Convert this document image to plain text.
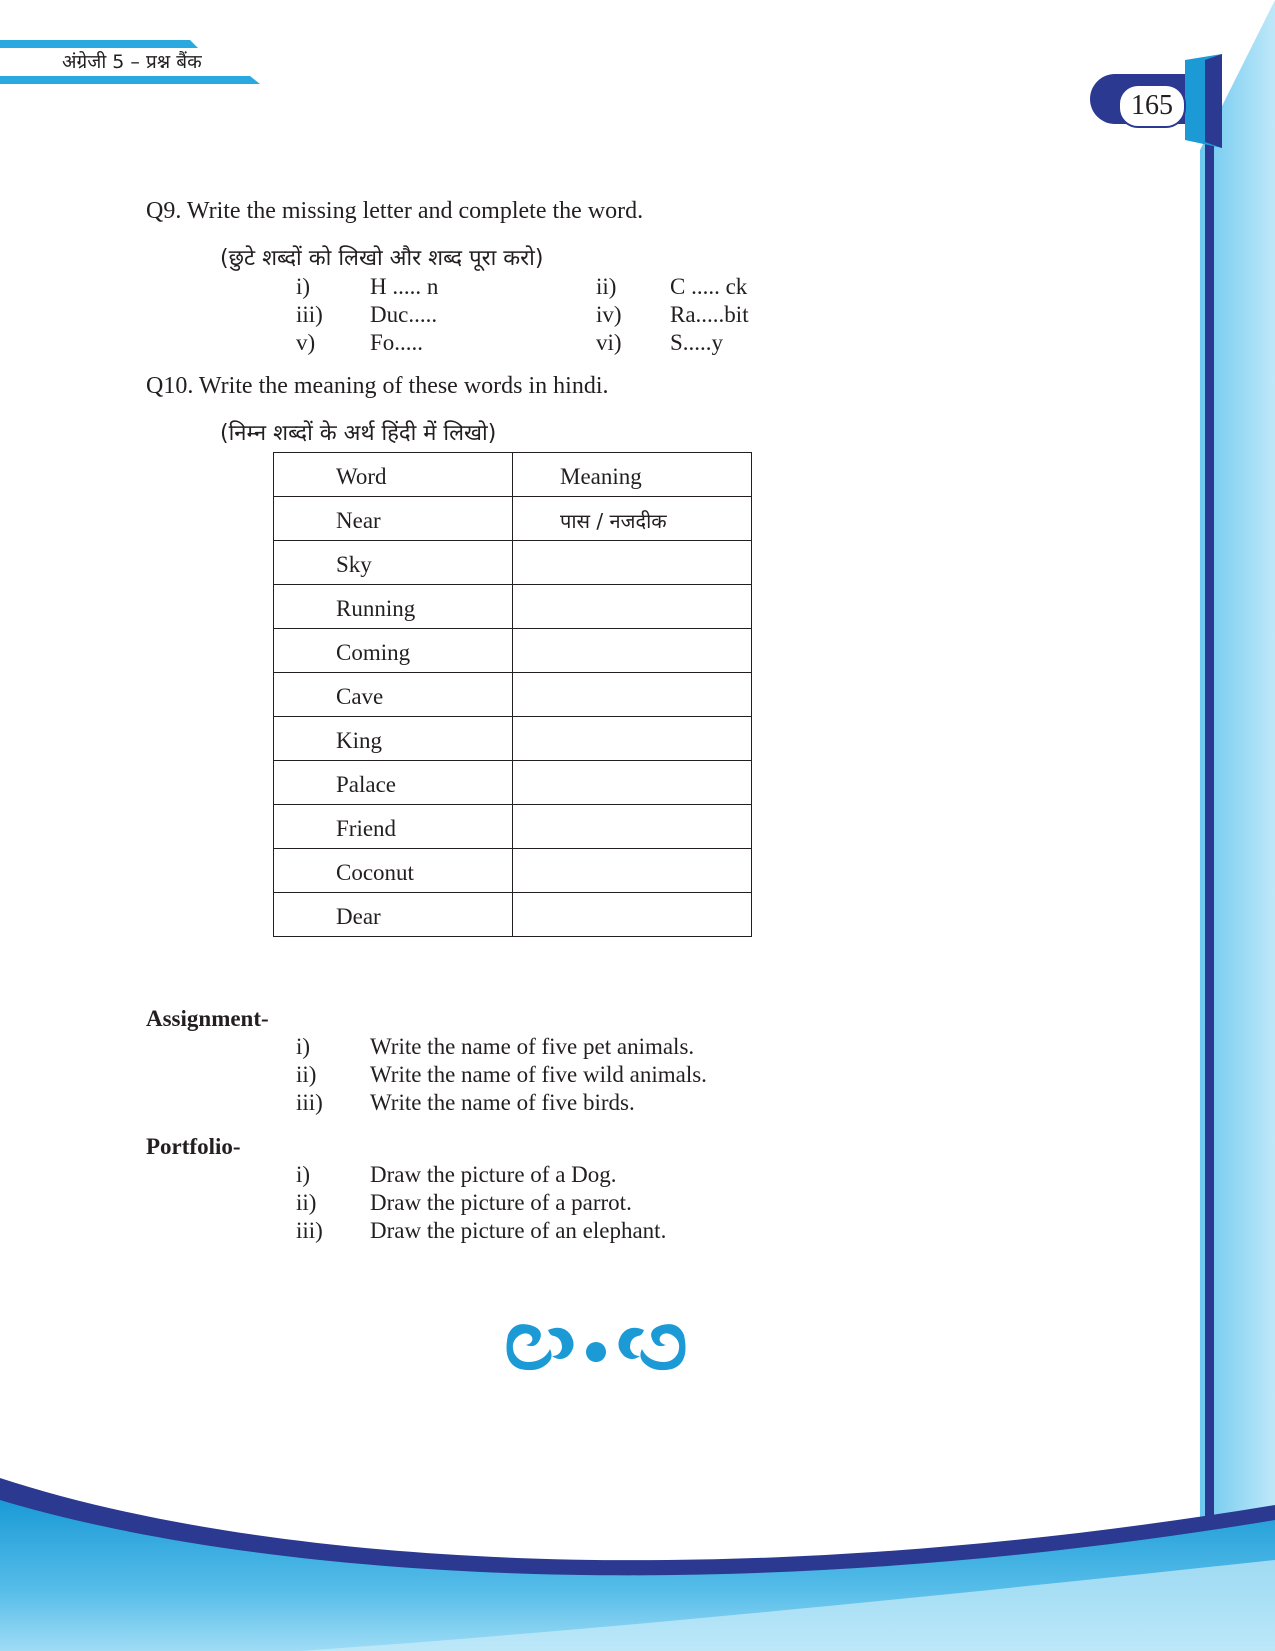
अंग्रेजी 5 – प्रश्न बैंक
165
Q9. Write the missing letter and complete the word.
(छुटे शब्दों को लिखो और शब्द पूरा करो)
i)	H ..... n	ii) C ..... ck
iii) Duc.....	iv) Ra.....bit
v) Fo.....	vi) S.....y
Q10. Write the meaning of these words in hindi.
(निम्न शब्दों के अर्थ हिंदी में लिखो)
Word	Meaning

Near	पास / नजदीक

Sky	

Running	

Coming	

Cave	

King	

Palace	

Friend	

Coconut	

Dear	

Assignment-
i)	Write the name of five pet animals.
ii) Write the name of five wild animals.
iii) Write the name of five birds.
Portfolio-
i)	Draw the picture of a Dog.
ii) Draw the picture of a parrot.
iii) Draw the picture of an elephant.
